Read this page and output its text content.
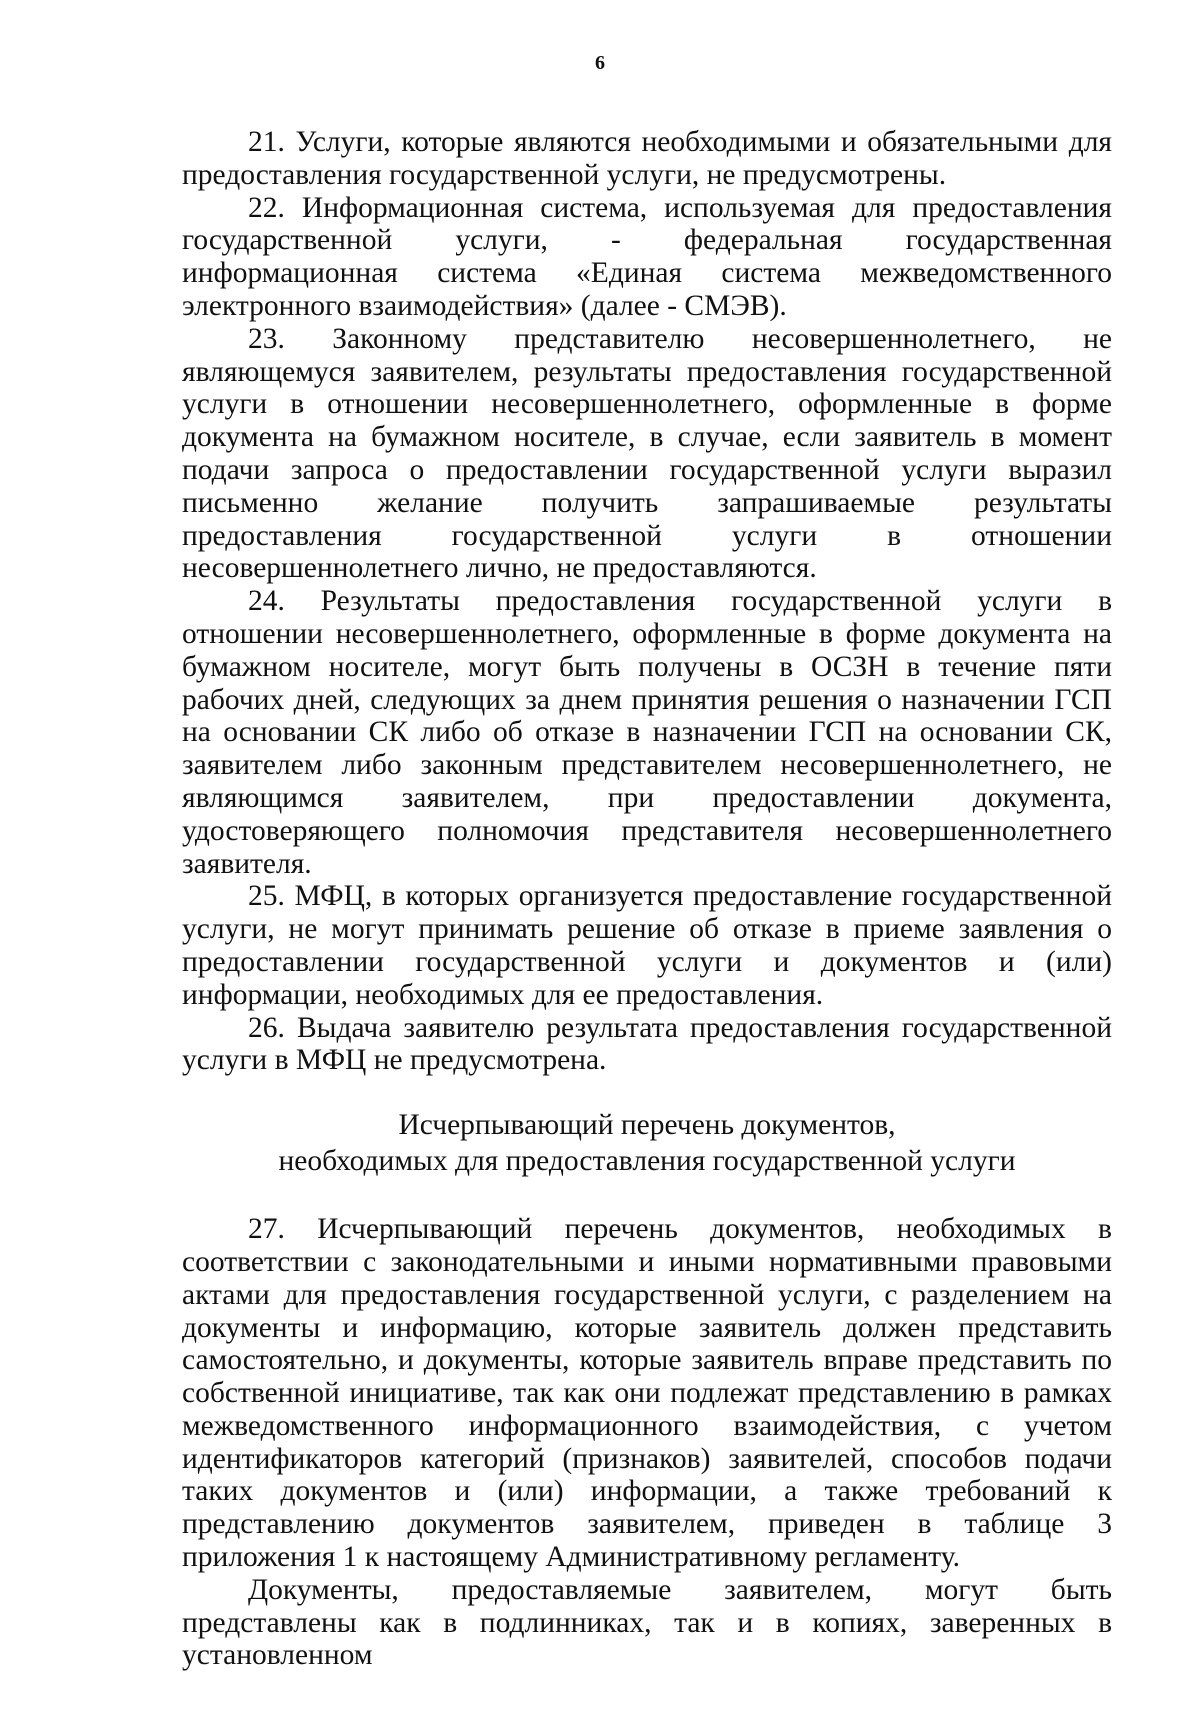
6

21. Услуги, которые являются необходимыми и обязательными для предоставления государственной услуги, не предусмотрены.

22. Информационная система, используемая для предоставления государственной услуги, - федеральная государственная информационная система «Единая система межведомственного электронного взаимодействия» (далее - СМЭВ).

23. Законному представителю несовершеннолетнего, не являющемуся заявителем, результаты предоставления государственной услуги в отношении несовершеннолетнего, оформленные в форме документа на бумажном носителе, в случае, если заявитель в момент подачи запроса о предоставлении государственной услуги выразил письменно желание получить запрашиваемые результаты предоставления государственной услуги в отношении несовершеннолетнего лично, не предоставляются.

24. Результаты предоставления государственной услуги в отношении несовершеннолетнего, оформленные в форме документа на бумажном носителе, могут быть получены в ОСЗН в течение пяти рабочих дней, следующих за днем принятия решения о назначении ГСП на основании СК либо об отказе в назначении ГСП на основании СК, заявителем либо законным представителем несовершеннолетнего, не являющимся заявителем, при предоставлении документа, удостоверяющего полномочия представителя несовершеннолетнего заявителя.

25. МФЦ, в которых организуется предоставление государственной услуги, не могут принимать решение об отказе в приеме заявления о предоставлении государственной услуги и документов и (или) информации, необходимых для ее предоставления.

26. Выдача заявителю результата предоставления государственной услуги в МФЦ не предусмотрена.

Исчерпывающий перечень документов,
необходимых для предоставления государственной услуги

27. Исчерпывающий перечень документов, необходимых в соответствии с законодательными и иными нормативными правовыми актами для предоставления государственной услуги, с разделением на документы и информацию, которые заявитель должен представить самостоятельно, и документы, которые заявитель вправе представить по собственной инициативе, так как они подлежат представлению в рамках межведомственного информационного взаимодействия, с учетом идентификаторов категорий (признаков) заявителей, способов подачи таких документов и (или) информации, а также требований к представлению документов заявителем, приведен в таблице 3 приложения 1 к настоящему Административному регламенту.

Документы, предоставляемые заявителем, могут быть представлены как в подлинниках, так и в копиях, заверенных в установленном
